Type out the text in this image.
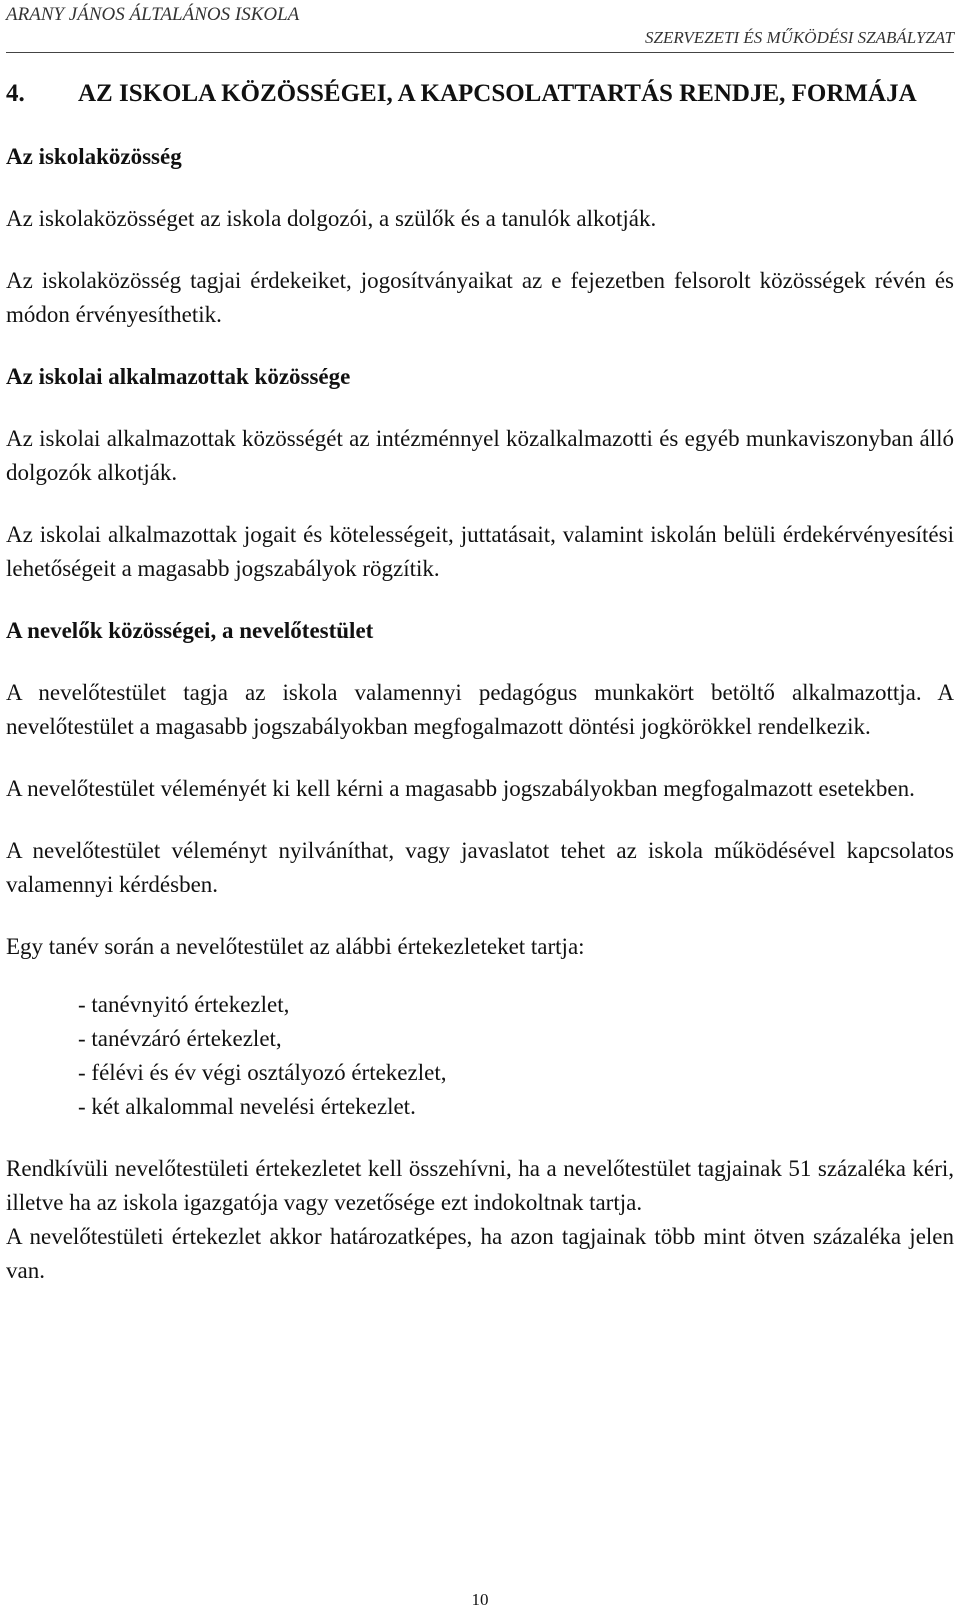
ARANY JÁNOS ÁLTALÁNOS ISKOLA
SZERVEZETI ÉS MŰKÖDÉSI SZABÁLYZAT
4. AZ ISKOLA KÖZÖSSÉGEI, A KAPCSOLATTARTÁS RENDJE, FORMÁJA
Az iskolaközösség

Az iskolaközösséget az iskola dolgozói, a szülők és a tanulók alkotják.

Az iskolaközösség tagjai érdekeiket, jogosítványaikat az e fejezetben felsorolt közösségek révén és módon érvényesíthetik.

Az iskolai alkalmazottak közössége

Az iskolai alkalmazottak közösségét az intézménnyel közalkalmazotti és egyéb munkaviszonyban álló dolgozók alkotják.

Az iskolai alkalmazottak jogait és kötelességeit, juttatásait, valamint iskolán belüli érdekérvényesítési lehetőségeit a magasabb jogszabályok rögzítik.

A nevelők közösségei, a nevelőtestület

A nevelőtestület tagja az iskola valamennyi pedagógus munkakört betöltő alkalmazottja. A nevelőtestület a magasabb jogszabályokban megfogalmazott döntési jogkörökkel rendelkezik.

A nevelőtestület véleményét ki kell kérni a magasabb jogszabályokban megfogalmazott esetekben.

A nevelőtestület véleményt nyilváníthat, vagy javaslatot tehet az iskola működésével kapcsolatos valamennyi kérdésben.

Egy tanév során a nevelőtestület az alábbi értekezleteket tartja:

- tanévnyitó értekezlet,
- tanévzáró értekezlet,
- félévi és év végi osztályozó értekezlet,
- két alkalommal nevelési értekezlet.

Rendkívüli nevelőtestületi értekezletet kell összehívni, ha a nevelőtestület tagjainak 51 százaléka kéri, illetve ha az iskola igazgatója vagy vezetősége ezt indokoltnak tartja.

A nevelőtestületi értekezlet akkor határozatképes, ha azon tagjainak több mint ötven százaléka jelen van.

10
